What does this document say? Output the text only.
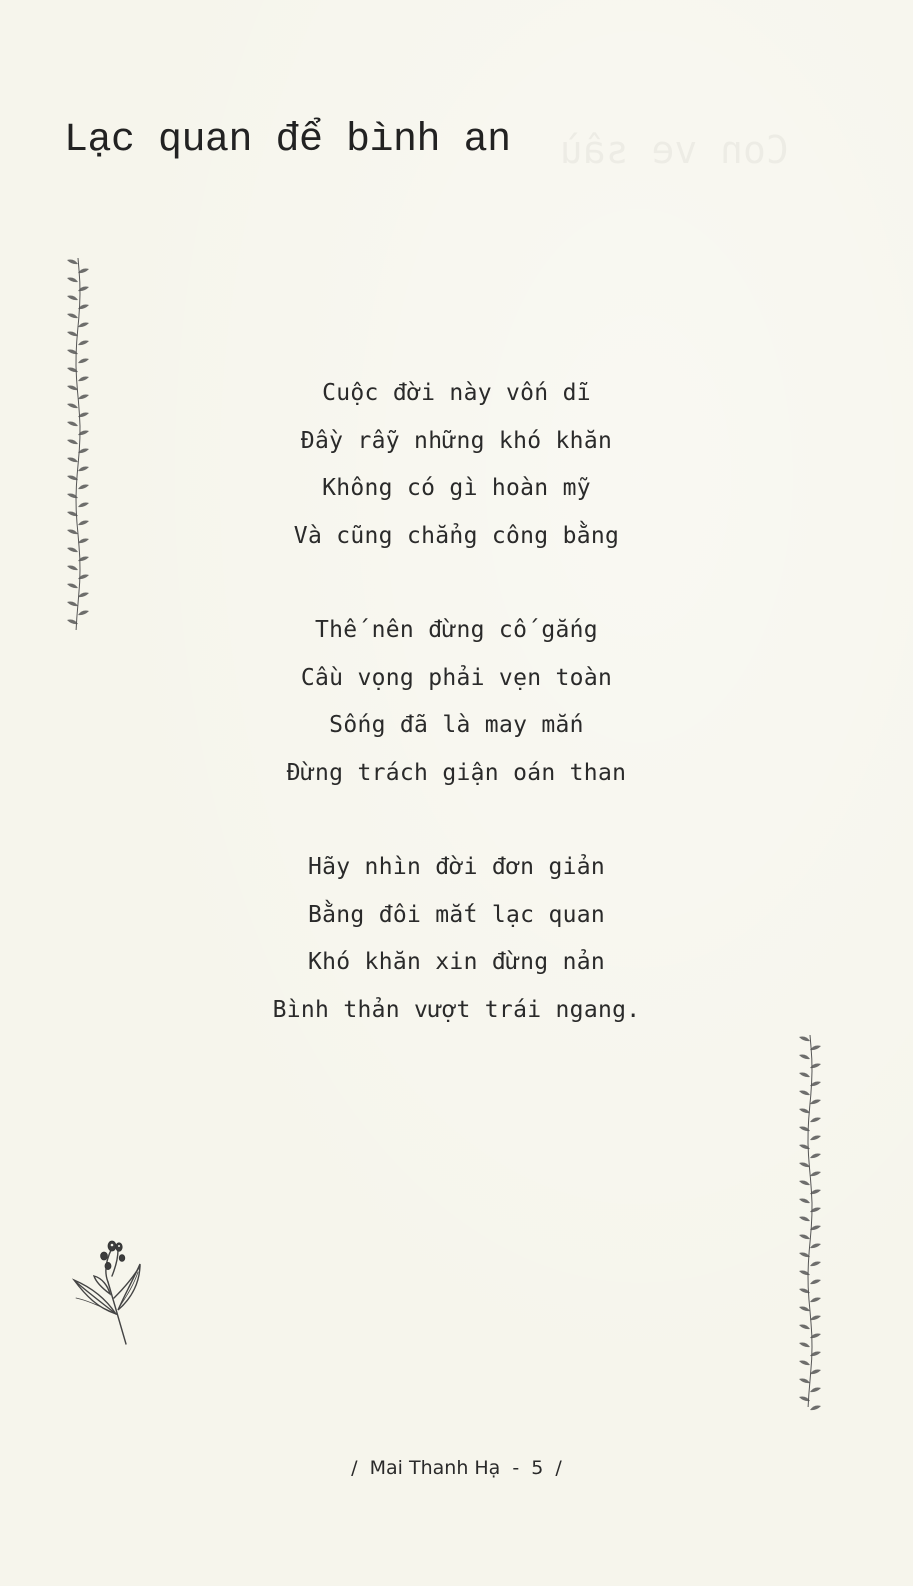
Lạc quan để bình an
Cuộc đời này vốn dĩ
Đầy rẫy những khó khăn
Không có gì hoàn mỹ
Và cũng chẳng công bằng
Thế nên đừng cố gắng
Cầu vọng phải vẹn toàn
Sống đã là may mắn
Đừng trách giận oán than
Hãy nhìn đời đơn giản
Bằng đôi mắt lạc quan
Khó khăn xin đừng nản
Bình thản vượt trái ngang.
/ Mai Thanh Hạ - 5 /
